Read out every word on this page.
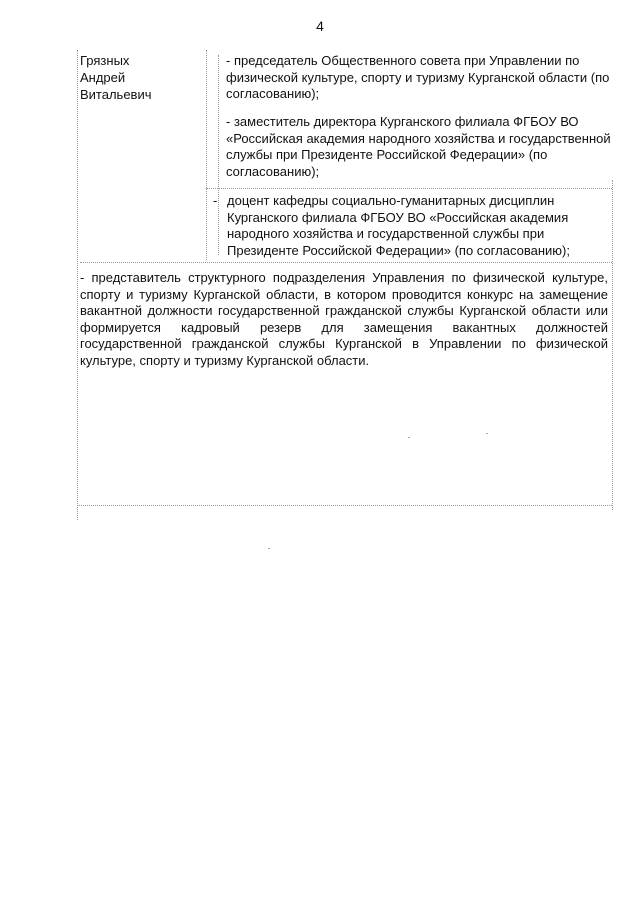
4
Грязных
Андрей
Витальевич
- председатель Общественного совета при Управлении по физической культуре, спорту и туризму Курганской области (по согласованию);
- заместитель директора Курганского филиала ФГБОУ ВО «Российская академия народного хозяйства и государственной службы при Президенте Российской Федерации» (по согласованию);
- доцент кафедры социально-гуманитарных дисциплин Курганского филиала ФГБОУ ВО «Российская академия народного хозяйства и государственной службы при Президенте Российской Федерации» (по согласованию);
- представитель структурного подразделения Управления по физической культуре, спорту и туризму Курганской области, в котором проводится конкурс на замещение вакантной должности государственной гражданской службы Курганской области или формируется кадровый резерв для замещения вакантных должностей государственной гражданской службы Курганской в Управлении по физической культуре, спорту и туризму Курганской области.
